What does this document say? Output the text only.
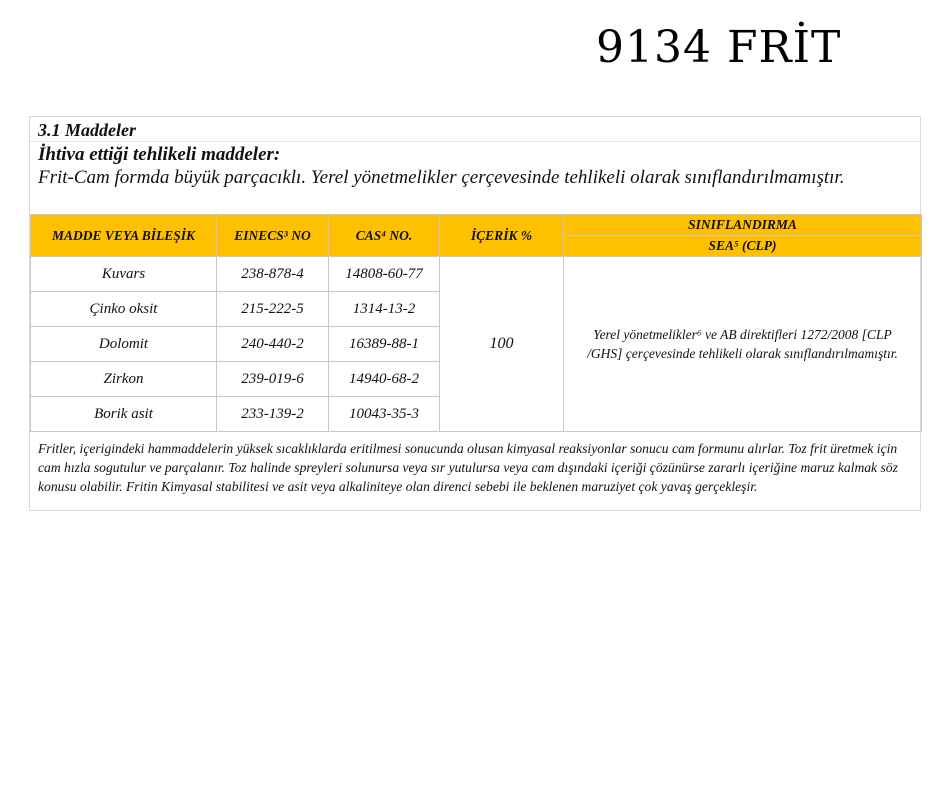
9134 FRİT
3.1 Maddeler
İhtiva ettiği tehlikeli maddeler:
Frit-Cam formda büyük parçacıklı. Yerel yönetmelikler çerçevesinde tehlikeli olarak sınıflandırılmamıştır.
MADDE VEYA BİLEŞİK	EINECS³ NO	CAS⁴ NO.	İÇERİK %	SINIFLANDIRMA
				SEA⁵ (CLP)
Kuvars	238-878-4	14808-60-77	100	Yerel yönetmelikler⁶ ve AB direktifleri 1272/2008 [CLP /GHS] çerçevesinde tehlikeli olarak sınıflandırılmamıştır.
Çinko oksit	215-222-5	1314-13-2		
Dolomit	240-440-2	16389-88-1		
Zirkon	239-019-6	14940-68-2		
Borik asit	233-139-2	10043-35-3		
Fritler, içerigindeki hammaddelerin yüksek sıcaklıklarda eritilmesi sonucunda olusan kimyasal reaksiyonlar sonucu cam formunu alırlar. Toz frit üretmek için cam hızla sogutulur ve parçalanır. Toz halinde spreyleri solunursa veya sır yutulursa veya cam dışındaki içeriği çözünürse zararlı içeriğine maruz kalmak söz konusu olabilir. Fritin Kimyasal stabilitesi ve asit veya alkaliniteye olan direnci sebebi ile beklenen maruziyet çok yavaş gerçekleşir.
